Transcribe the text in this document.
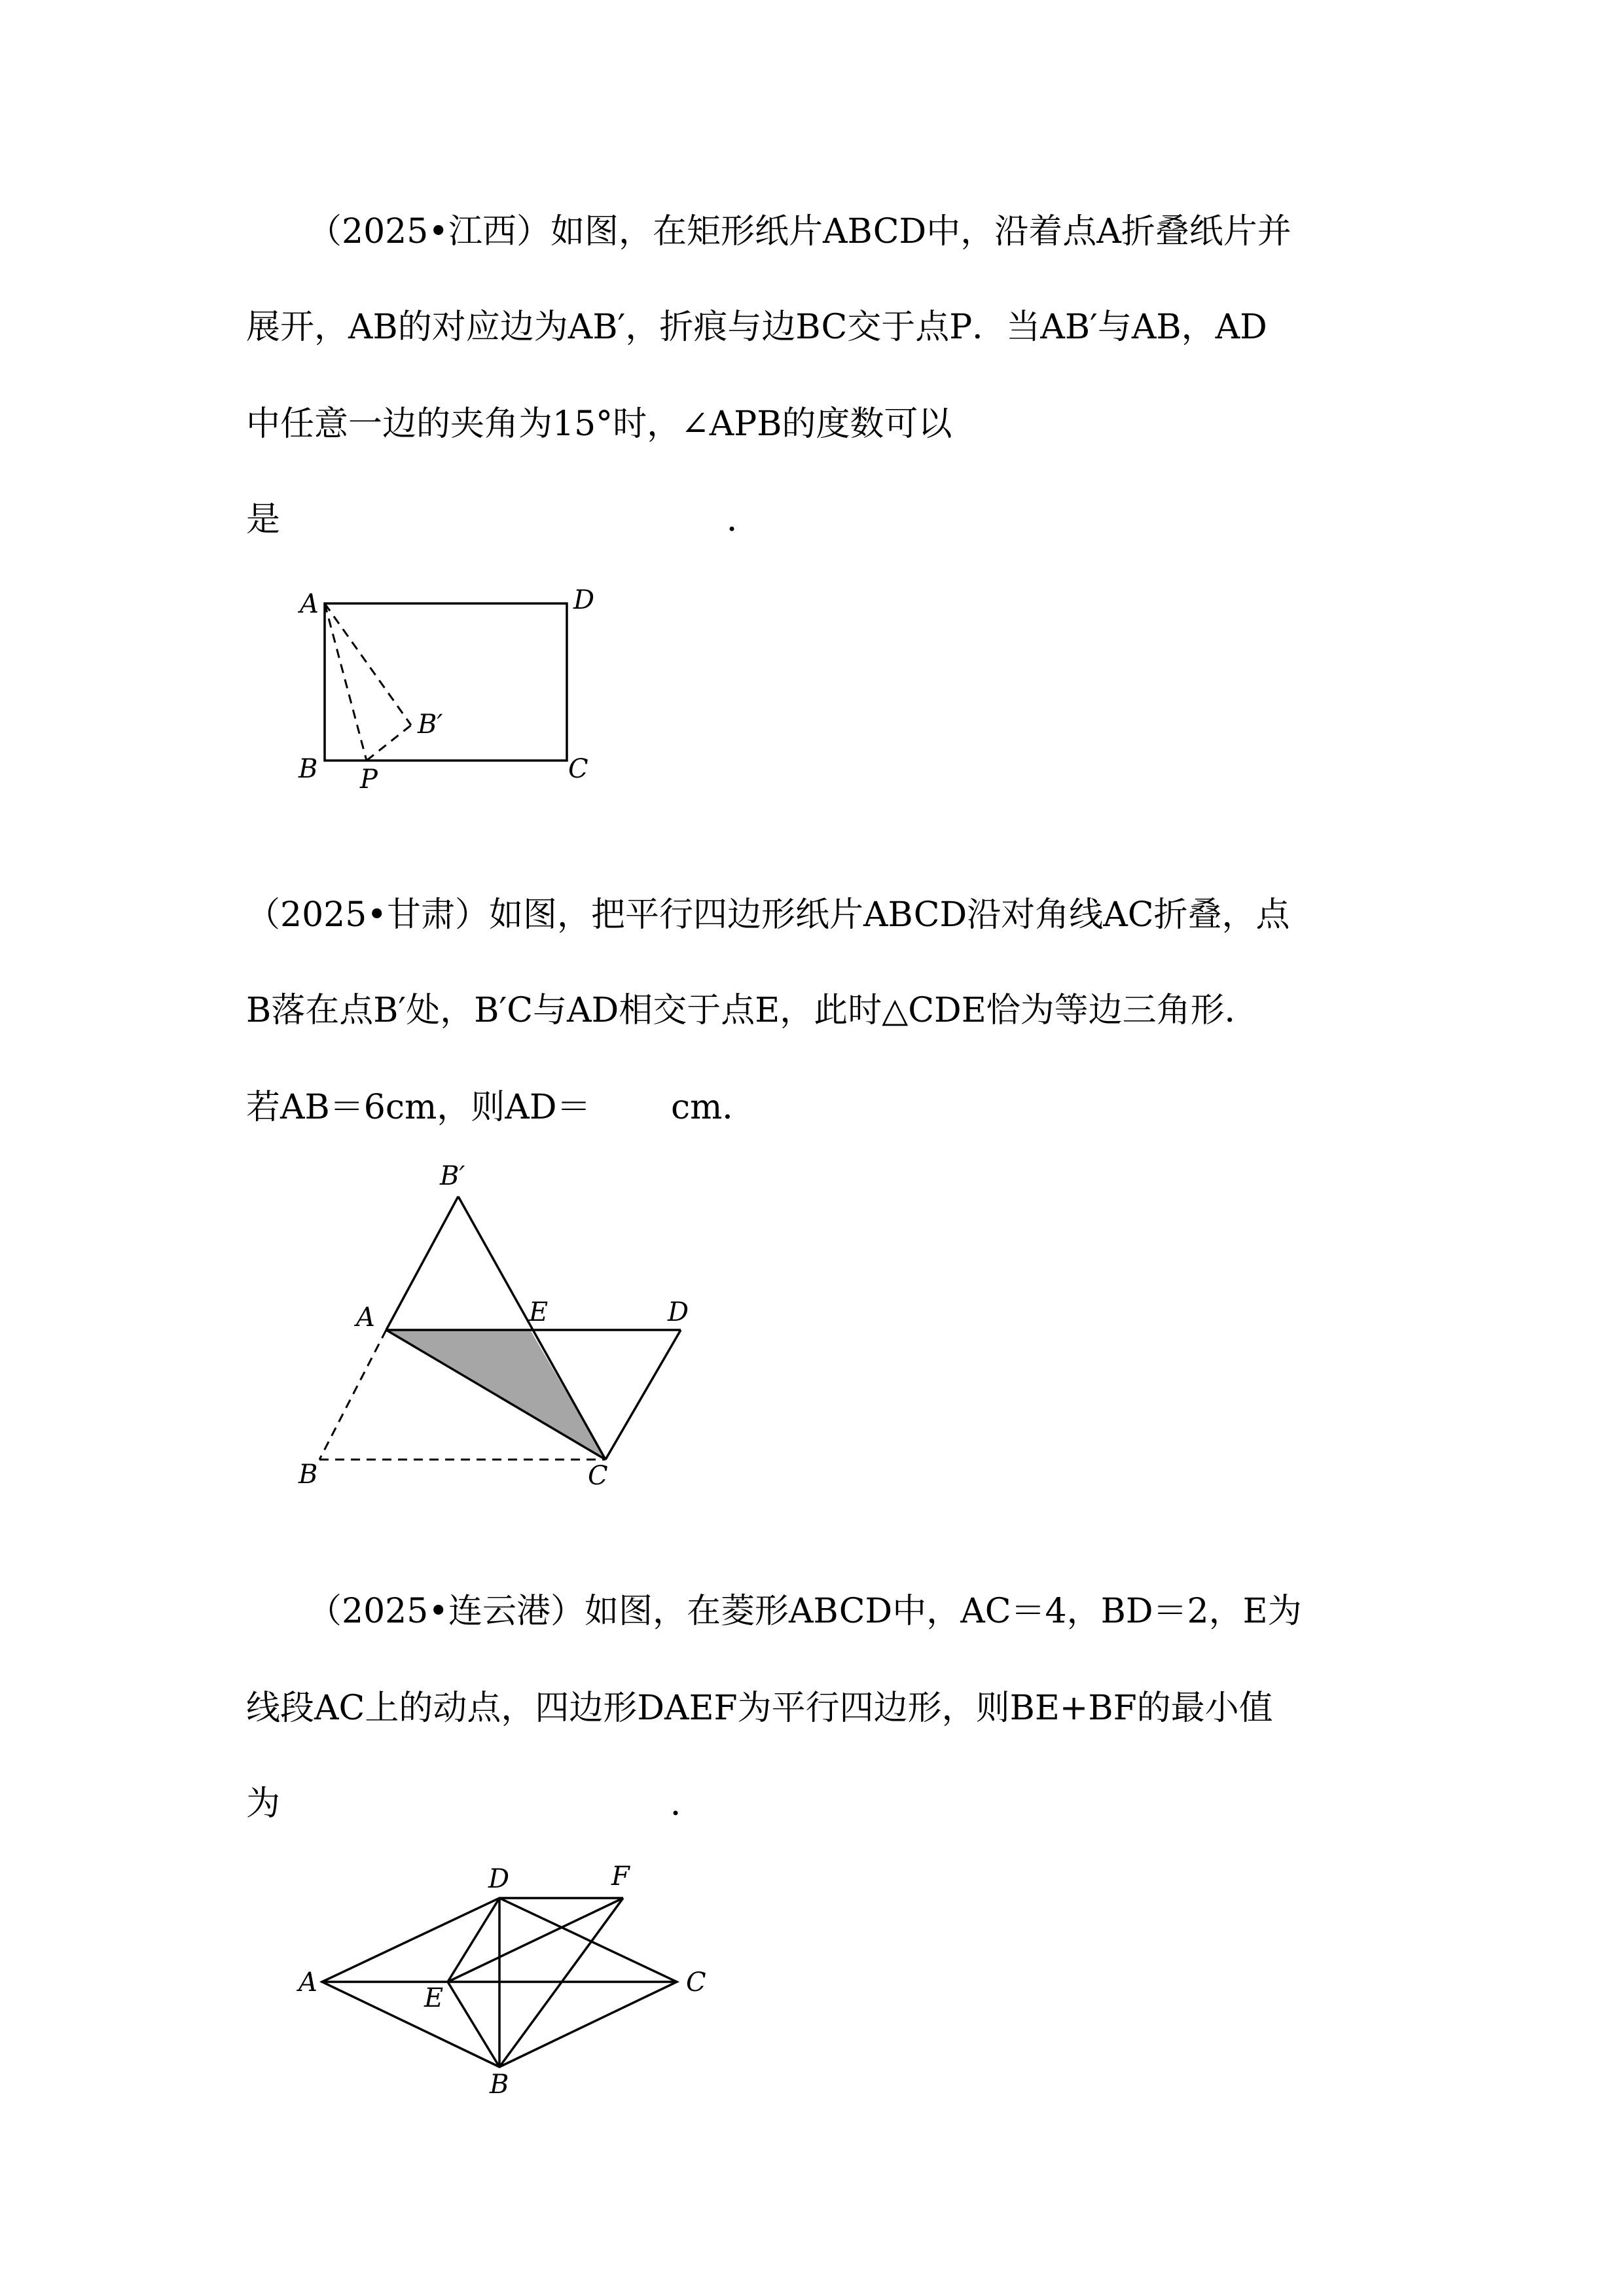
（2025•江西）如图，在矩形纸片ABCD中，沿着点A折叠纸片并
展开，AB的对应边为AB′，折痕与边BC交于点P．当AB′与AB，AD
中任意一边的夹角为15°时，∠APB的度数可以
是	．
A	D
B P	C
B′
（2025•甘肃）如图，把平行四边形纸片ABCD沿对角线AC折叠，点
B落在点B′处，B′C与AD相交于点E，此时△CDE恰为等边三角形．
若AB＝6cm，则AD＝ cm．
B′
A	E	D
B	C
（2025•连云港）如图，在菱形ABCD中，AC＝4，BD＝2，E为
线段AC上的动点，四边形DAEF为平行四边形，则BE+BF的最小值
为	．
D	F
A
E
C
B
